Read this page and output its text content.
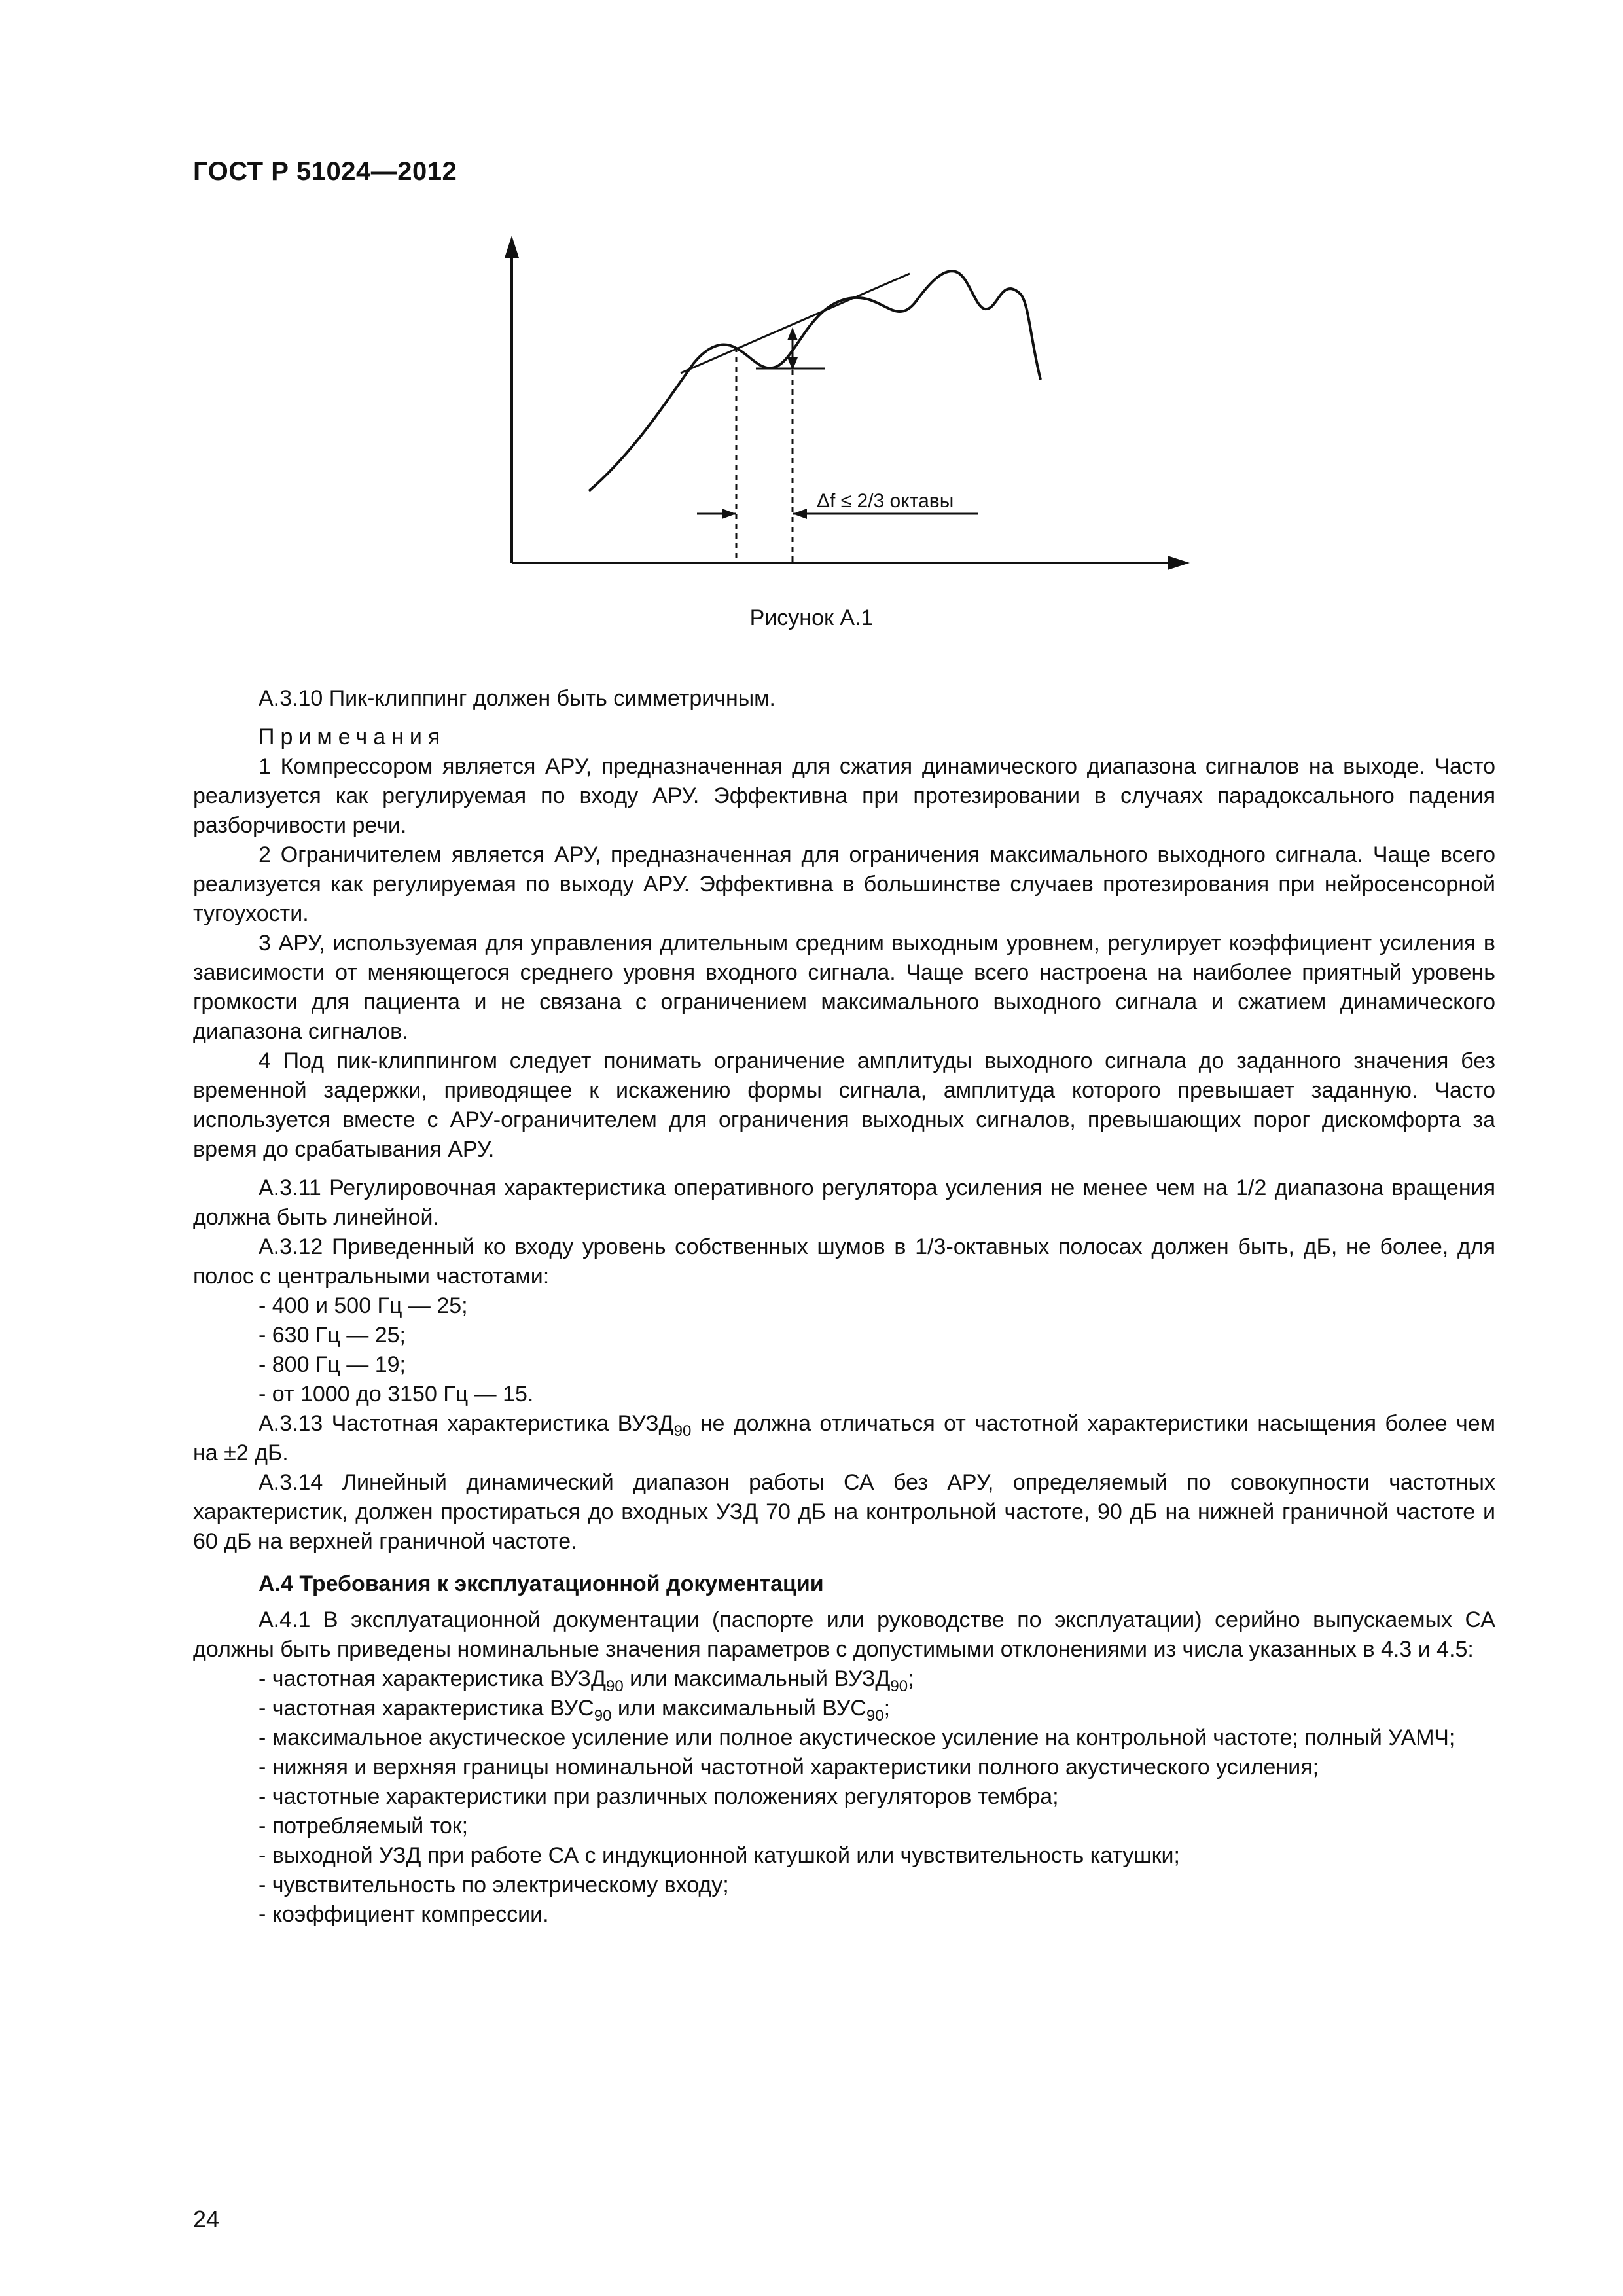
ГОСТ Р 51024—2012
Δf ≤ 2/3 октавы
Рисунок А.1

А.3.10 Пик-клиппинг должен быть симметричным.

Примечания

1 Компрессором является АРУ, предназначенная для сжатия динамического диапазона сигналов на выходе. Часто реализуется как регулируемая по входу АРУ. Эффективна при протезировании в случаях парадоксального падения разборчивости речи.

2 Ограничителем является АРУ, предназначенная для ограничения максимального выходного сигнала. Чаще всего реализуется как регулируемая по выходу АРУ. Эффективна в большинстве случаев протезирования при нейросенсорной тугоухости.

3 АРУ, используемая для управления длительным средним выходным уровнем, регулирует коэффициент усиления в зависимости от меняющегося среднего уровня входного сигнала. Чаще всего настроена на наиболее приятный уровень громкости для пациента и не связана с ограничением максимального выходного сигнала и сжатием динамического диапазона сигналов.

4 Под пик-клиппингом следует понимать ограничение амплитуды выходного сигнала до заданного значения без временной задержки, приводящее к искажению формы сигнала, амплитуда которого превышает заданную. Часто используется вместе с АРУ-ограничителем для ограничения выходных сигналов, превышающих порог дискомфорта за время до срабатывания АРУ.

А.3.11 Регулировочная характеристика оперативного регулятора усиления не менее чем на 1/2 диапазона вращения должна быть линейной.

А.3.12 Приведенный ко входу уровень собственных шумов в 1/3-октавных полосах должен быть, дБ, не более, для полос с центральными частотами:

- 400 и 500 Гц — 25;

- 630 Гц — 25;

- 800 Гц — 19;

- от 1000 до 3150 Гц — 15.

А.3.13 Частотная характеристика $ВУЗД_{90}$ не должна отличаться от частотной характеристики насыщения более чем на ±2 дБ.

А.3.14 Линейный динамический диапазон работы СА без АРУ, определяемый по совокупности частотных характеристик, должен простираться до входных УЗД 70 дБ на контрольной частоте, 90 дБ на нижней граничной частоте и 60 дБ на верхней граничной частоте.

А.4 Требования к эксплуатационной документации

А.4.1 В эксплуатационной документации (паспорте или руководстве по эксплуатации) серийно выпускаемых СА должны быть приведены номинальные значения параметров с допустимыми отклонениями из числа указанных в 4.3 и 4.5:

- частотная характеристика $ВУЗД_{90}$ или максимальный $ВУЗД_{90}$;

- частотная характеристика $ВУС_{90}$ или максимальный $ВУС_{90}$;

- максимальное акустическое усиление или полное акустическое усиление на контрольной частоте; полный УАМЧ;

- нижняя и верхняя границы номинальной частотной характеристики полного акустического усиления;

- частотные характеристики при различных положениях регуляторов тембра;

- потребляемый ток;

- выходной УЗД при работе СА с индукционной катушкой или чувствительность катушки;

- чувствительность по электрическому входу;

- коэффициент компрессии.

24
